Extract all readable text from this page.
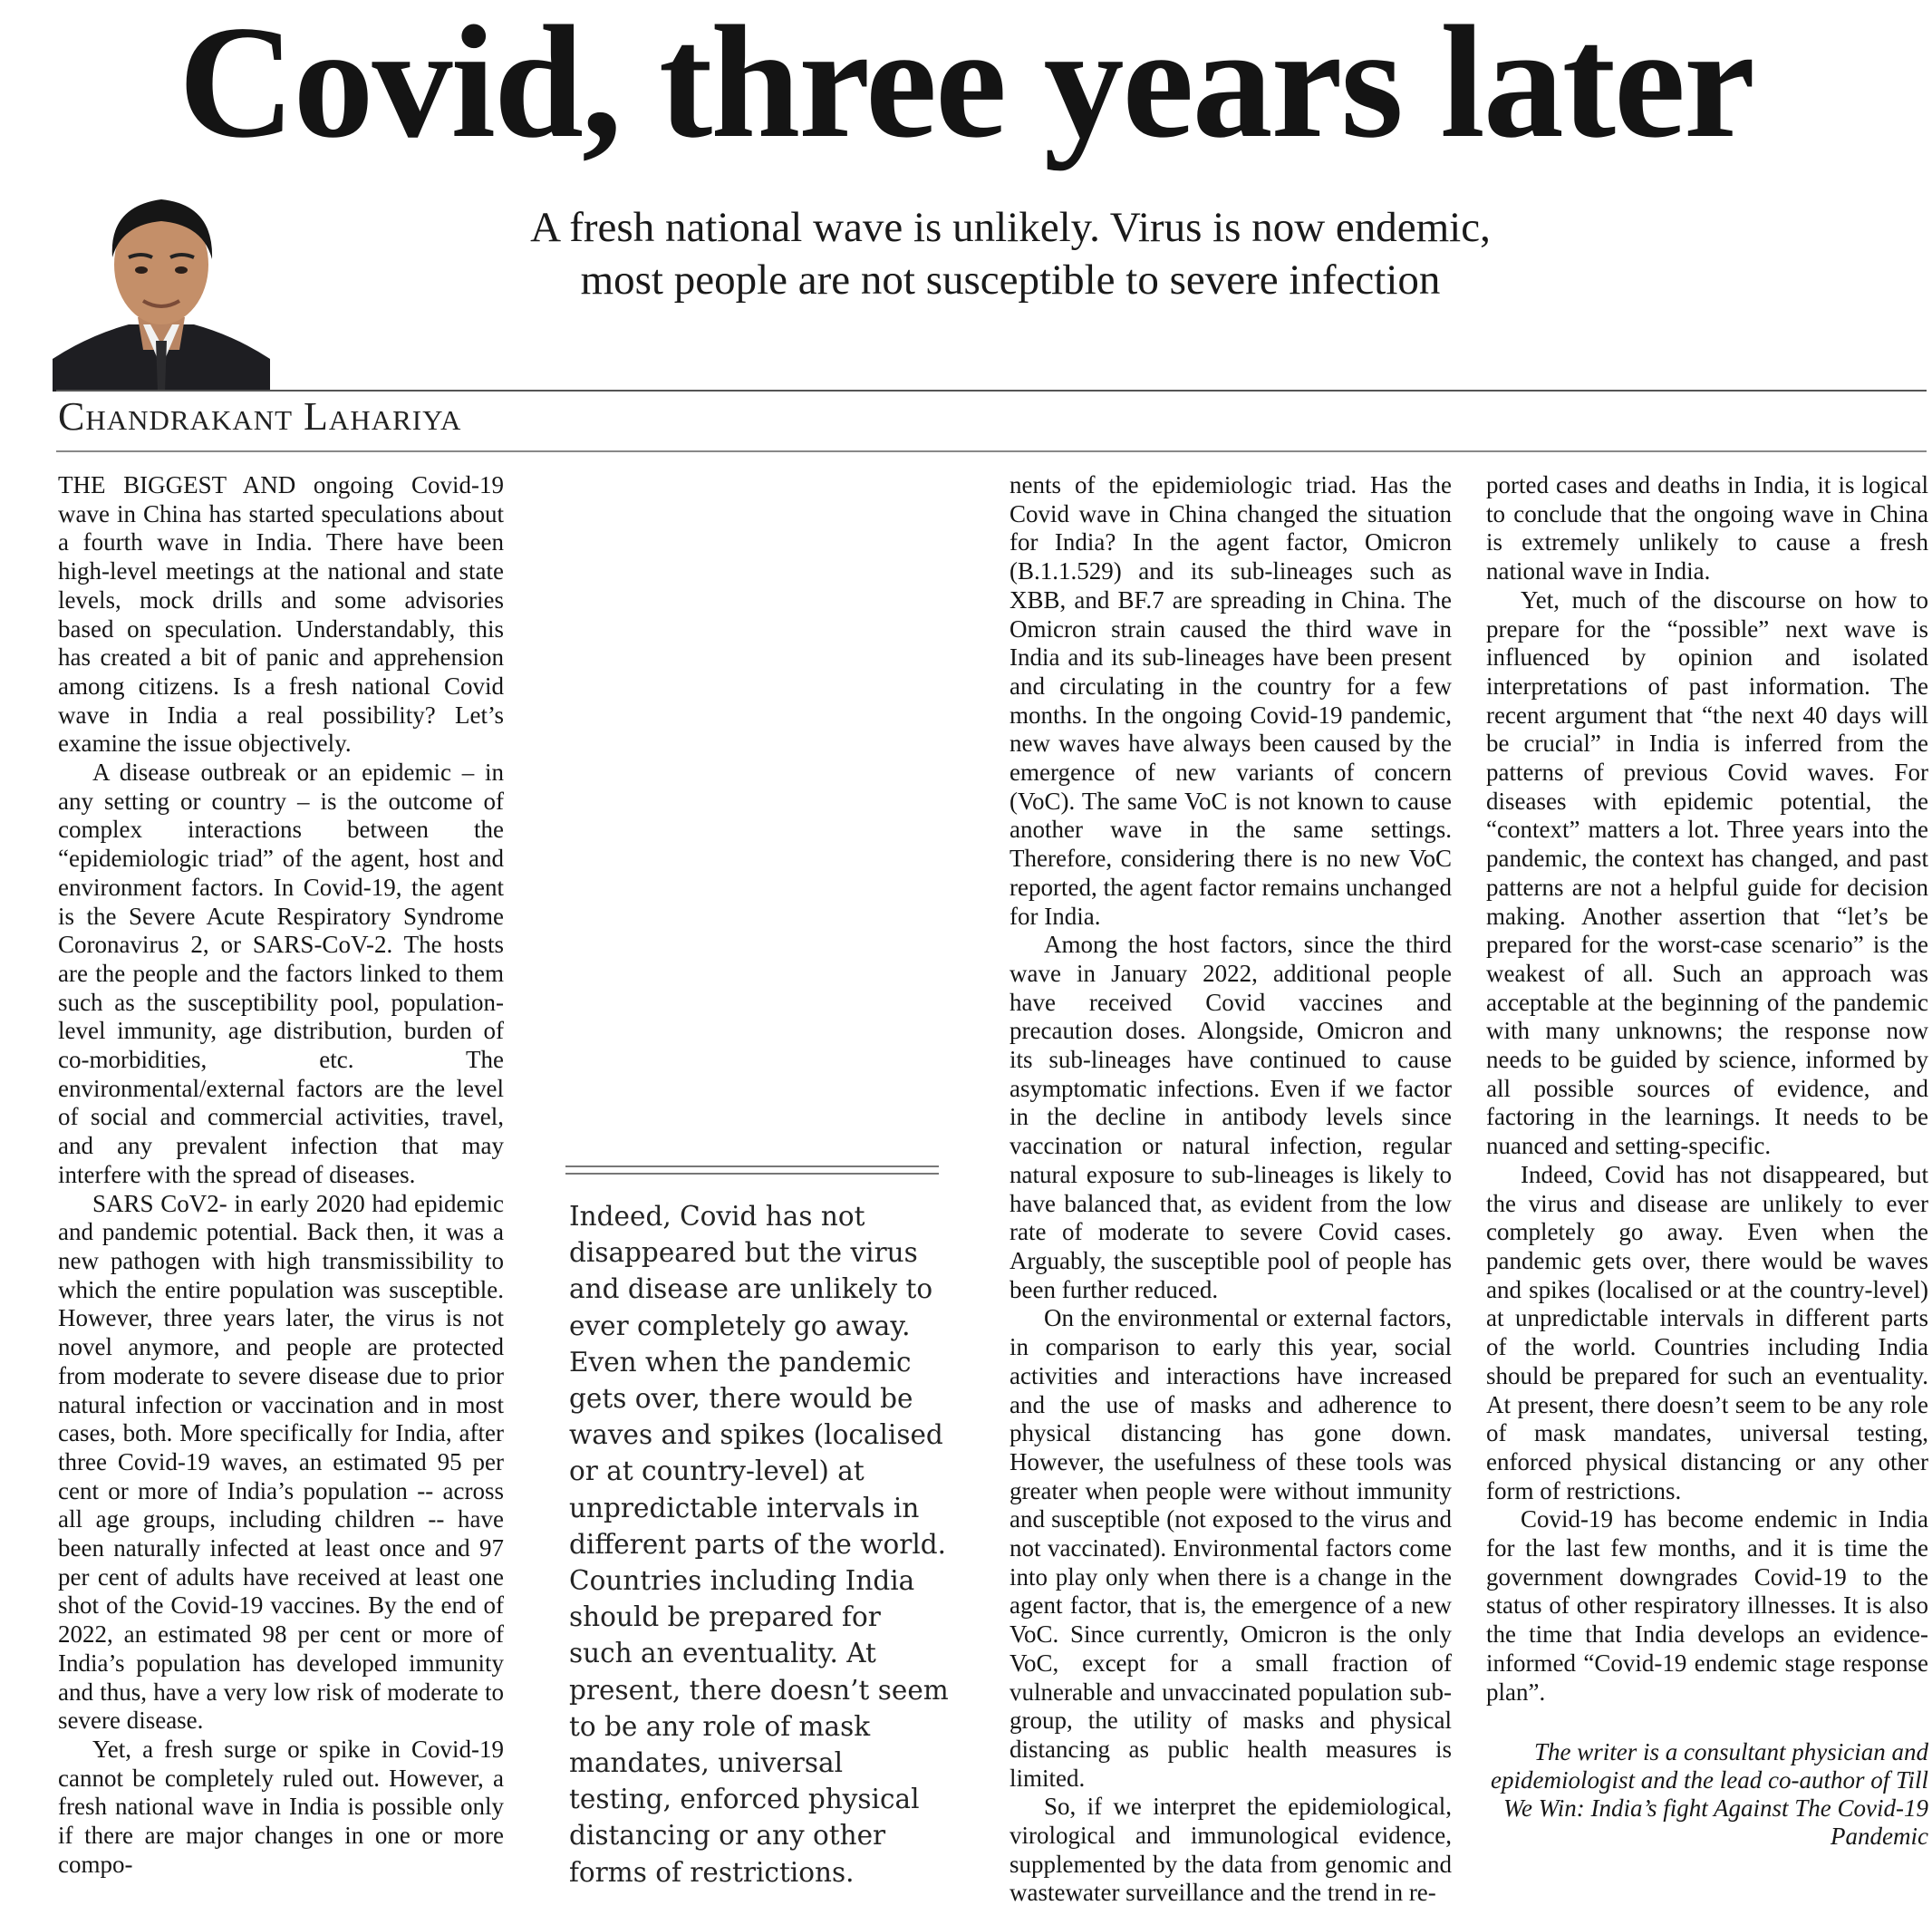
Covid, three years later
A fresh national wave is unlikely. Virus is now endemic,
most people are not susceptible to severe infection
Chandrakant Lahariya

THE BIGGEST AND ongoing Covid-19 wave in China has started speculations about a fourth wave in India. There have been high-level meetings at the national and state levels, mock drills and some advisories based on speculation. Understandably, this has created a bit of panic and apprehension among citizens. Is a fresh national Covid wave in India a real possibility? Let’s examine the issue objectively.

A disease outbreak or an epidemic – in any setting or country – is the outcome of complex interactions between the “epidemiologic triad” of the agent, host and environment factors. In Covid-19, the agent is the Severe Acute Respiratory Syndrome Coronavirus 2, or SARS-CoV-2. The hosts are the people and the factors linked to them such as the susceptibility pool, population-level immunity, age distribution, burden of co-morbidities, etc. The environmental/external factors are the level of social and commercial activities, travel, and any prevalent infection that may interfere with the spread of diseases.

SARS CoV2- in early 2020 had epidemic and pandemic potential. Back then, it was a new pathogen with high transmissibility to which the entire population was susceptible. However, three years later, the virus is not novel anymore, and people are protected from moderate to severe disease due to prior natural infection or vaccination and in most cases, both. More specifically for India, after three Covid-19 waves, an estimated 95 per cent or more of India’s population -- across all age groups, including children -- have been naturally infected at least once and 97 per cent of adults have received at least one shot of the Covid-19 vaccines. By the end of 2022, an estimated 98 per cent or more of India’s population has developed immunity and thus, have a very low risk of moderate to severe disease.

Yet, a fresh surge or spike in Covid-19 cannot be completely ruled out. However, a fresh national wave in India is possible only if there are major changes in one or more compo-

Indeed, Covid has not disappeared but the virus and disease are unlikely to ever completely go away. Even when the pandemic gets over, there would be waves and spikes (localised or at country-level) at unpredictable intervals in different parts of the world. Countries including India should be prepared for such an eventuality. At present, there doesn’t seem to be any role of mask mandates, universal testing, enforced physical distancing or any other forms of restrictions.

nents of the epidemiologic triad. Has the Covid wave in China changed the situation for India? In the agent factor, Omicron (B.1.1.529) and its sub-lineages such as XBB, and BF.7 are spreading in China. The Omicron strain caused the third wave in India and its sub-lineages have been present and circulating in the country for a few months. In the ongoing Covid-19 pandemic, new waves have always been caused by the emergence of new variants of concern (VoC). The same VoC is not known to cause another wave in the same settings. Therefore, considering there is no new VoC reported, the agent factor remains unchanged for India.

Among the host factors, since the third wave in January 2022, additional people have received Covid vaccines and precaution doses. Alongside, Omicron and its sub-lineages have continued to cause asymptomatic infections. Even if we factor in the decline in antibody levels since vaccination or natural infection, regular natural exposure to sub-lineages is likely to have balanced that, as evident from the low rate of moderate to severe Covid cases. Arguably, the susceptible pool of people has been further reduced.

On the environmental or external factors, in comparison to early this year, social activities and interactions have increased and the use of masks and adherence to physical distancing has gone down. However, the usefulness of these tools was greater when people were without immunity and susceptible (not exposed to the virus and not vaccinated). Environmental factors come into play only when there is a change in the agent factor, that is, the emergence of a new VoC. Since currently, Omicron is the only VoC, except for a small fraction of vulnerable and unvaccinated population sub-group, the utility of masks and physical distancing as public health measures is limited.

So, if we interpret the epidemiological, virological and immunological evidence, supplemented by the data from genomic and wastewater surveillance and the trend in re-

ported cases and deaths in India, it is logical to conclude that the ongoing wave in China is extremely unlikely to cause a fresh national wave in India.

Yet, much of the discourse on how to prepare for the “possible” next wave is influenced by opinion and isolated interpretations of past information. The recent argument that “the next 40 days will be crucial” in India is inferred from the patterns of previous Covid waves. For diseases with epidemic potential, the “context” matters a lot. Three years into the pandemic, the context has changed, and past patterns are not a helpful guide for decision making. Another assertion that “let’s be prepared for the worst-case scenario” is the weakest of all. Such an approach was acceptable at the beginning of the pandemic with many unknowns; the response now needs to be guided by science, informed by all possible sources of evidence, and factoring in the learnings. It needs to be nuanced and setting-specific.

Indeed, Covid has not disappeared, but the virus and disease are unlikely to ever completely go away. Even when the pandemic gets over, there would be waves and spikes (localised or at the country-level) at unpredictable intervals in different parts of the world. Countries including India should be prepared for such an eventuality. At present, there doesn’t seem to be any role of mask mandates, universal testing, enforced physical distancing or any other form of restrictions.

Covid-19 has become endemic in India for the last few months, and it is time the government downgrades Covid-19 to the status of other respiratory illnesses. It is also the time that India develops an evidence-informed “Covid-19 endemic stage response plan”.

The writer is a consultant physician and epidemiologist and the lead co-author of Till We Win: India’s fight Against The Covid-19 Pandemic
